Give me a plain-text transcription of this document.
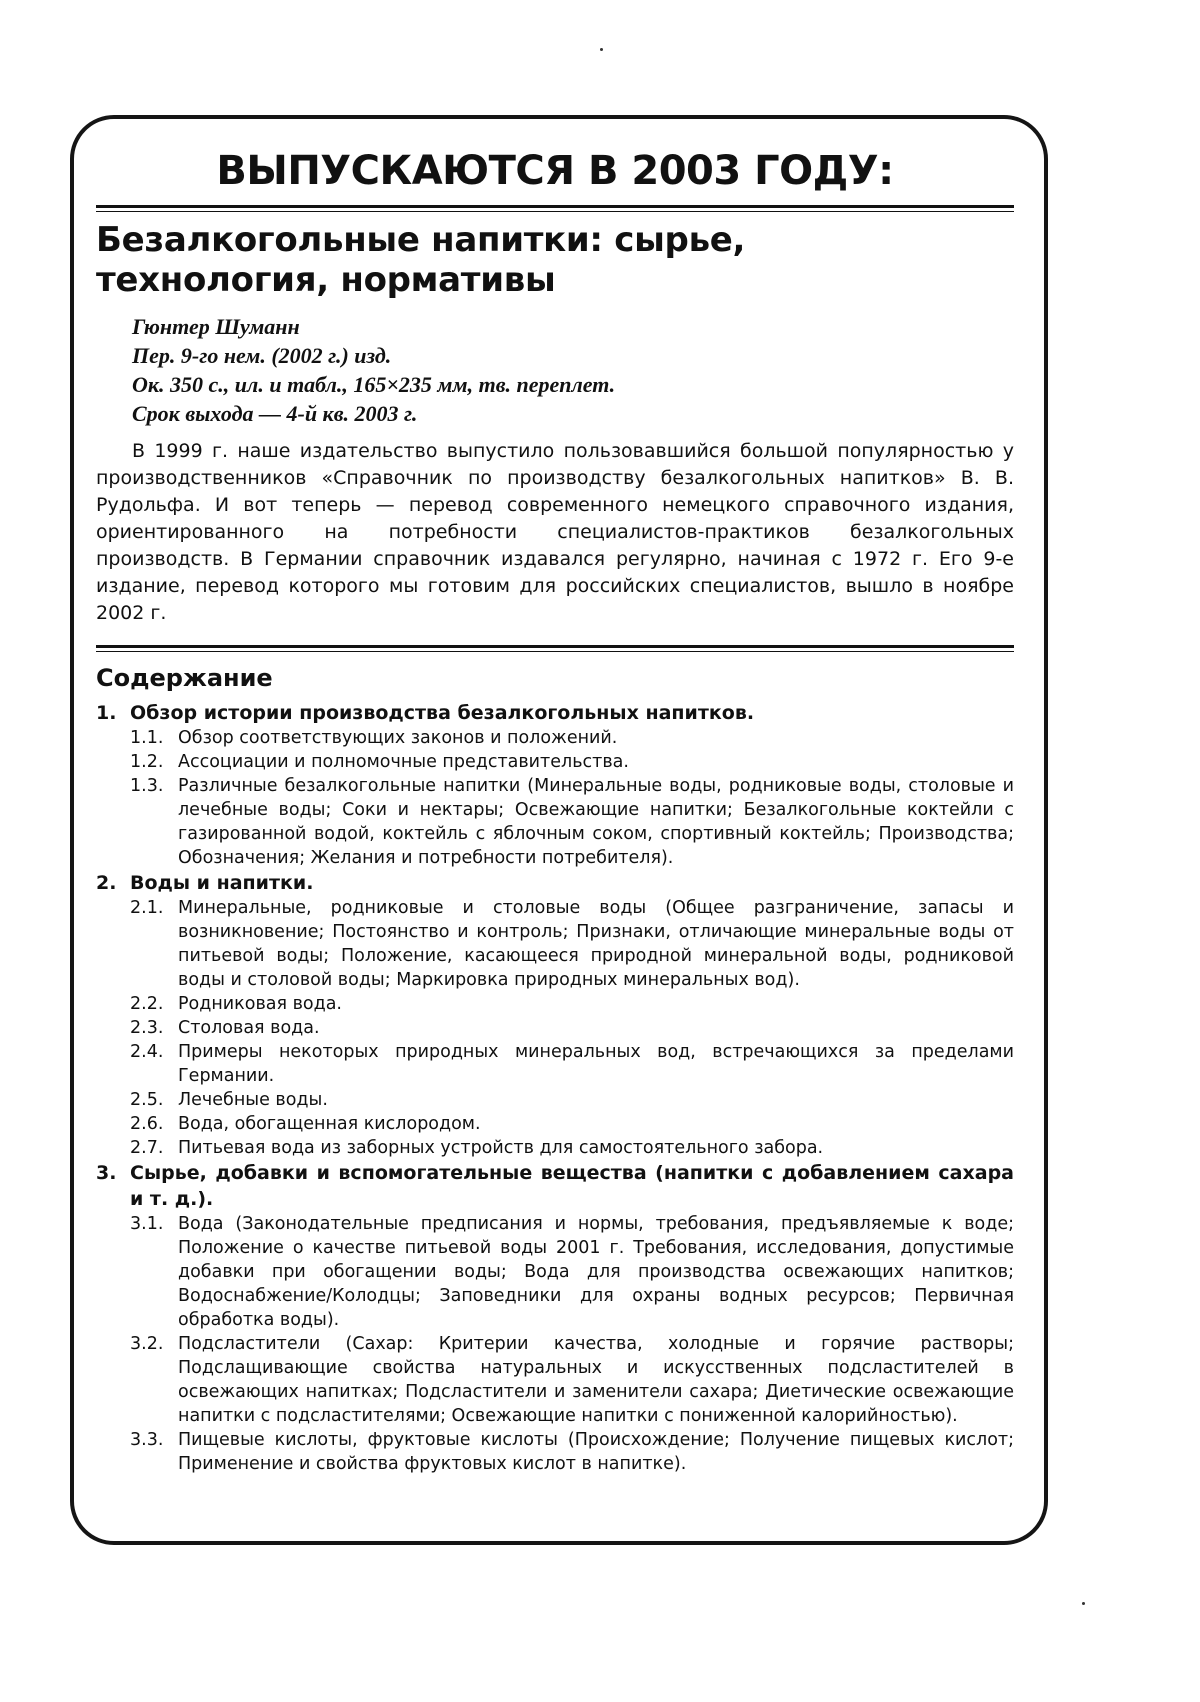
ВЫПУСКАЮТСЯ В 2003 ГОДУ:
Безалкогольные напитки: сырье,
технология, нормативы
Гюнтер Шуманн
Пер. 9-го нем. (2002 г.) изд.
Ок. 350 с., ил. и табл., 165×235 мм, тв. переплет.
Срок выхода — 4-й кв. 2003 г.

В 1999 г. наше издательство выпустило пользовавшийся большой популярностью у производственников «Справочник по производству безалкогольных напитков» В. В. Рудольфа. И вот теперь — перевод современного немецкого справочного издания, ориентированного на потребности специалистов-практиков безалкогольных производств. В Германии справочник издавался регулярно, начиная с 1972 г. Его 9-е издание, перевод которого мы готовим для российских специалистов, вышло в ноябре 2002 г.

Содержание
1. Обзор истории производства безалкогольных напитков.
1.1. Обзор соответствующих законов и положений.
1.2. Ассоциации и полномочные представительства.
1.3. Различные безалкогольные напитки (Минеральные воды, родниковые воды, столовые и лечебные воды; Соки и нектары; Освежающие напитки; Безалкогольные коктейли с газированной водой, коктейль с яблочным соком, спортивный коктейль; Производства; Обозначения; Желания и потребности потребителя).
2. Воды и напитки.
2.1. Минеральные, родниковые и столовые воды (Общее разграничение, запасы и возникновение; Постоянство и контроль; Признаки, отличающие минеральные воды от питьевой воды; Положение, касающееся природной минеральной воды, родниковой воды и столовой воды; Маркировка природных минеральных вод).
2.2. Родниковая вода.
2.3. Столовая вода.
2.4. Примеры некоторых природных минеральных вод, встречающихся за пределами Германии.
2.5. Лечебные воды.
2.6. Вода, обогащенная кислородом.
2.7. Питьевая вода из заборных устройств для самостоятельного забора.
3. Сырье, добавки и вспомогательные вещества (напитки с добавлением сахара и т. д.).
3.1. Вода (Законодательные предписания и нормы, требования, предъявляемые к воде; Положение о качестве питьевой воды 2001 г. Требования, исследования, допустимые добавки при обогащении воды; Вода для производства освежающих напитков; Водоснабжение/Колодцы; Заповедники для охраны водных ресурсов; Первичная обработка воды).
3.2. Подсластители (Сахар: Критерии качества, холодные и горячие растворы; Подслащивающие свойства натуральных и искусственных подсластителей в освежающих напитках; Подсластители и заменители сахара; Диетические освежающие напитки с подсластителями; Освежающие напитки с пониженной калорийностью).
3.3. Пищевые кислоты, фруктовые кислоты (Происхождение; Получение пищевых кислот; Применение и свойства фруктовых кислот в напитке).
